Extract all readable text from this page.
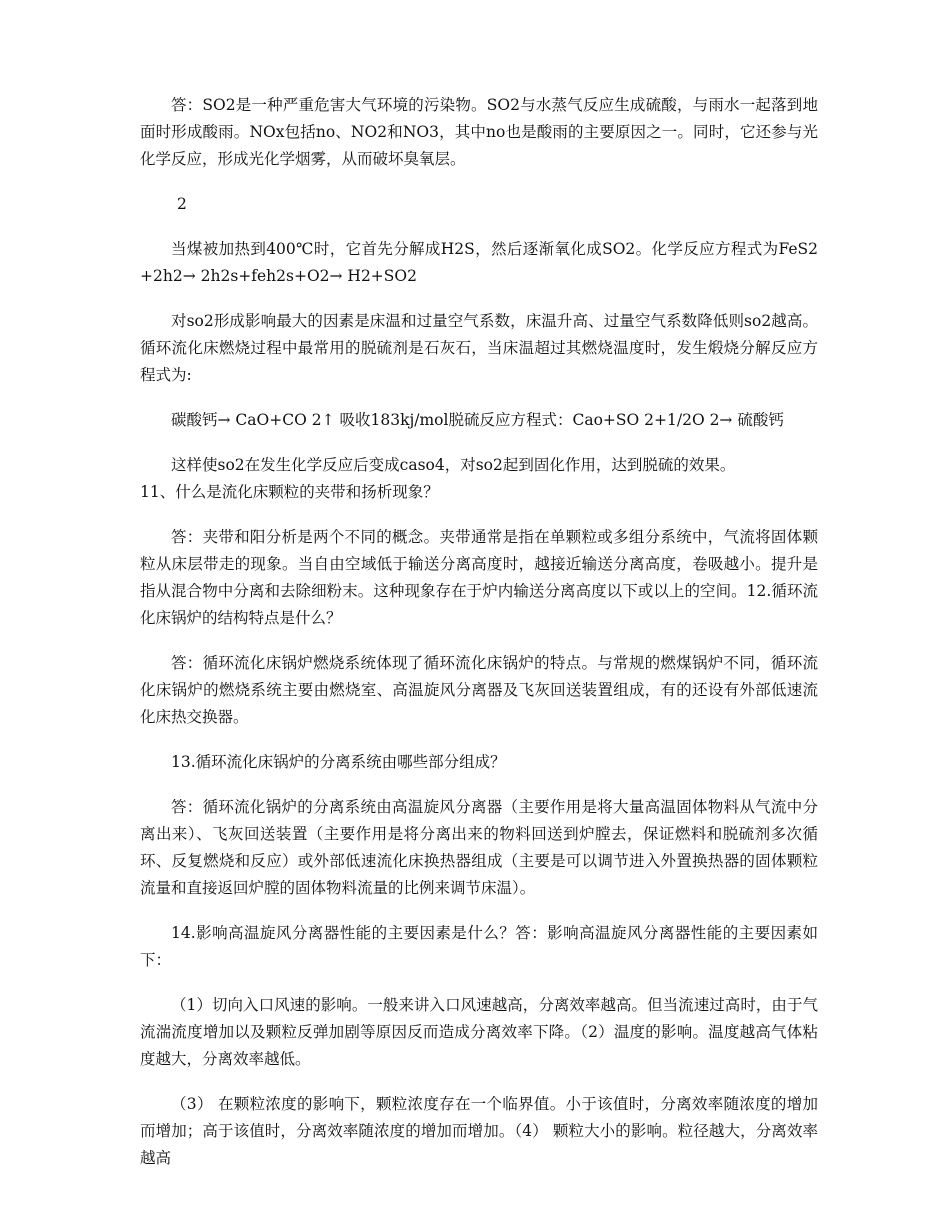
答：SO2是一种严重危害大气环境的污染物。SO2与水蒸气反应生成硫酸，与雨水一起落到地面时形成酸雨。NOx包括no、NO2和NO3，其中no也是酸雨的主要原因之一。同时，它还参与光化学反应，形成光化学烟雾，从而破坏臭氧层。

2

当煤被加热到400℃时，它首先分解成H2S，然后逐渐氧化成SO2。化学反应方程式为FeS2+2h2→ 2h2s+feh2s+O2→ H2+SO2

对so2形成影响最大的因素是床温和过量空气系数，床温升高、过量空气系数降低则so2越高。循环流化床燃烧过程中最常用的脱硫剂是石灰石，当床温超过其燃烧温度时，发生煅烧分解反应方程式为:

碳酸钙→ CaO+CO 2↑ 吸收183kj/mol脱硫反应方程式：Cao+SO 2+1/2O 2→ 硫酸钙

这样使so2在发生化学反应后变成caso4，对so2起到固化作用，达到脱硫的效果。

11、什么是流化床颗粒的夹带和扬析现象？

答：夹带和阳分析是两个不同的概念。夹带通常是指在单颗粒或多组分系统中，气流将固体颗粒从床层带走的现象。当自由空域低于输送分离高度时，越接近输送分离高度，卷吸越小。提升是指从混合物中分离和去除细粉末。这种现象存在于炉内输送分离高度以下或以上的空间。12.循环流化床锅炉的结构特点是什么？

答：循环流化床锅炉燃烧系统体现了循环流化床锅炉的特点。与常规的燃煤锅炉不同，循环流化床锅炉的燃烧系统主要由燃烧室、高温旋风分离器及飞灰回送装置组成，有的还设有外部低速流化床热交换器。

13.循环流化床锅炉的分离系统由哪些部分组成？

答：循环流化锅炉的分离系统由高温旋风分离器（主要作用是将大量高温固体物料从气流中分离出来）、飞灰回送装置（主要作用是将分离出来的物料回送到炉膛去，保证燃料和脱硫剂多次循环、反复燃烧和反应）或外部低速流化床换热器组成（主要是可以调节进入外置换热器的固体颗粒流量和直接返回炉膛的固体物料流量的比例来调节床温）。

14.影响高温旋风分离器性能的主要因素是什么？答：影响高温旋风分离器性能的主要因素如下：

（1）切向入口风速的影响。一般来讲入口风速越高，分离效率越高。但当流速过高时，由于气流湍流度增加以及颗粒反弹加剧等原因反而造成分离效率下降。（2）温度的影响。温度越高气体粘度越大，分离效率越低。

（3） 在颗粒浓度的影响下，颗粒浓度存在一个临界值。小于该值时，分离效率随浓度的增加而增加；高于该值时，分离效率随浓度的增加而增加。（4） 颗粒大小的影响。粒径越大，分离效率越高
